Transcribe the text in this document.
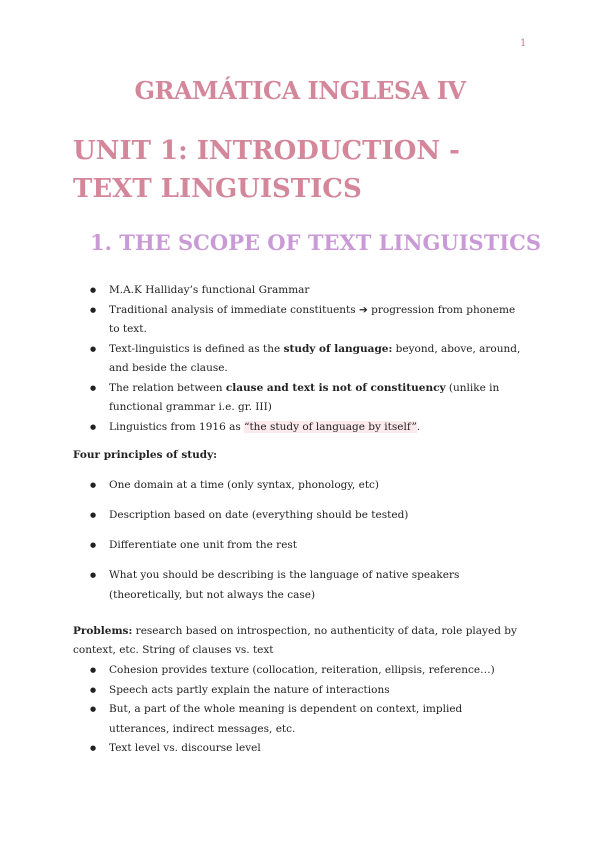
1
GRAMÁTICA INGLESA IV
UNIT 1: INTRODUCTION - TEXT LINGUISTICS
1. THE SCOPE OF TEXT LINGUISTICS
● M.A.K Halliday’s functional Grammar
● Traditional analysis of immediate constituents ➔ progression from phoneme to text.
● Text-linguistics is defined as the study of language: beyond, above, around, and beside the clause.
● The relation between clause and text is not of constituency (unlike in functional grammar i.e. gr. III)
● Linguistics from 1916 as “the study of language by itself”.
Four principles of study:
● One domain at a time (only syntax, phonology, etc)
● Description based on date (everything should be tested)
● Differentiate one unit from the rest
● What you should be describing is the language of native speakers (theoretically, but not always the case)
Problems: research based on introspection, no authenticity of data, role played by context, etc. String of clauses vs. text
● Cohesion provides texture (collocation, reiteration, ellipsis, reference…)
● Speech acts partly explain the nature of interactions
● But, a part of the whole meaning is dependent on context, implied utterances, indirect messages, etc.
● Text level vs. discourse level
